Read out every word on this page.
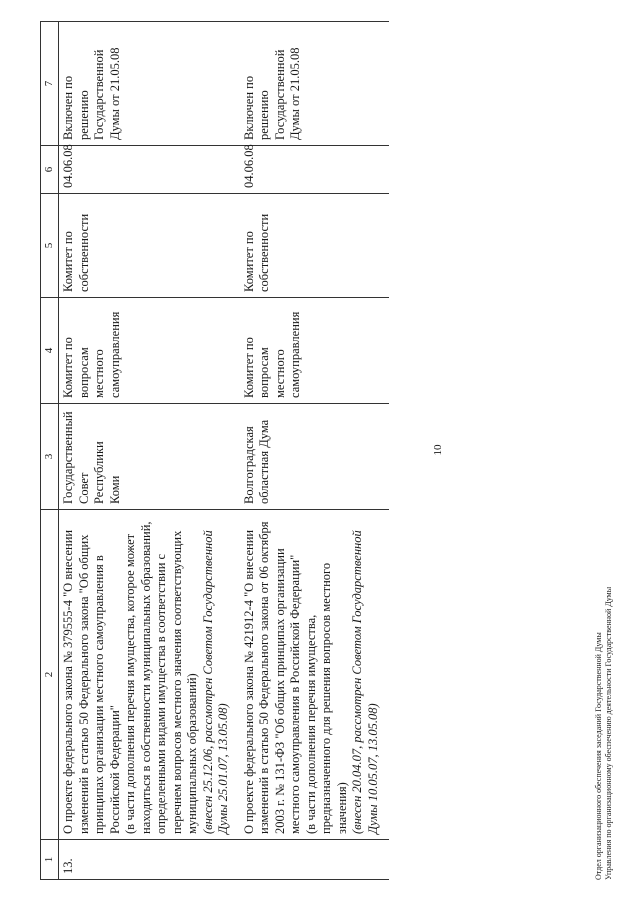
10
1	2	3	4	5	6	7
13.	О проекте федерального закона № 379555-4 "О внесении изменений в статью 50 Федерального закона "Об общих принципах организации местного самоуправления в Российской Федерации" (в части дополнения перечня имущества, которое может находиться в собственности муниципальных образований, определенными видами имущества в соответствии с перечнем вопросов местного значения соответствующих муниципальных образований) (внесен 25.12.06, рассмотрен Советом Государственной Думы 25.01.07, 13.05.08)	Государственный Совет Республики Коми	Комитет по вопросам местного самоуправления	Комитет по собственности	04.06.08	Включен по решению Государственной Думы от 21.05.08

	О проекте федерального закона № 421912-4 "О внесении изменений в статью 50 Федерального закона от 06 октября 2003 г. № 131-ФЗ "Об общих принципах организации местного самоуправления в Российской Федерации" (в части дополнения перечня имущества, предназначенного для решения вопросов местного значения) (внесен 20.04.07, рассмотрен Советом Государственной Думы 10.05.07, 13.05.08)	Волгоградская областная Дума	Комитет по вопросам местного самоуправления	Комитет по собственности	04.06.08	Включен по решению Государственной Думы от 21.05.08
Отдел организационного обеспечения заседаний Государственной Думы Управления по организационному обеспечению деятельности Государственной Думы
